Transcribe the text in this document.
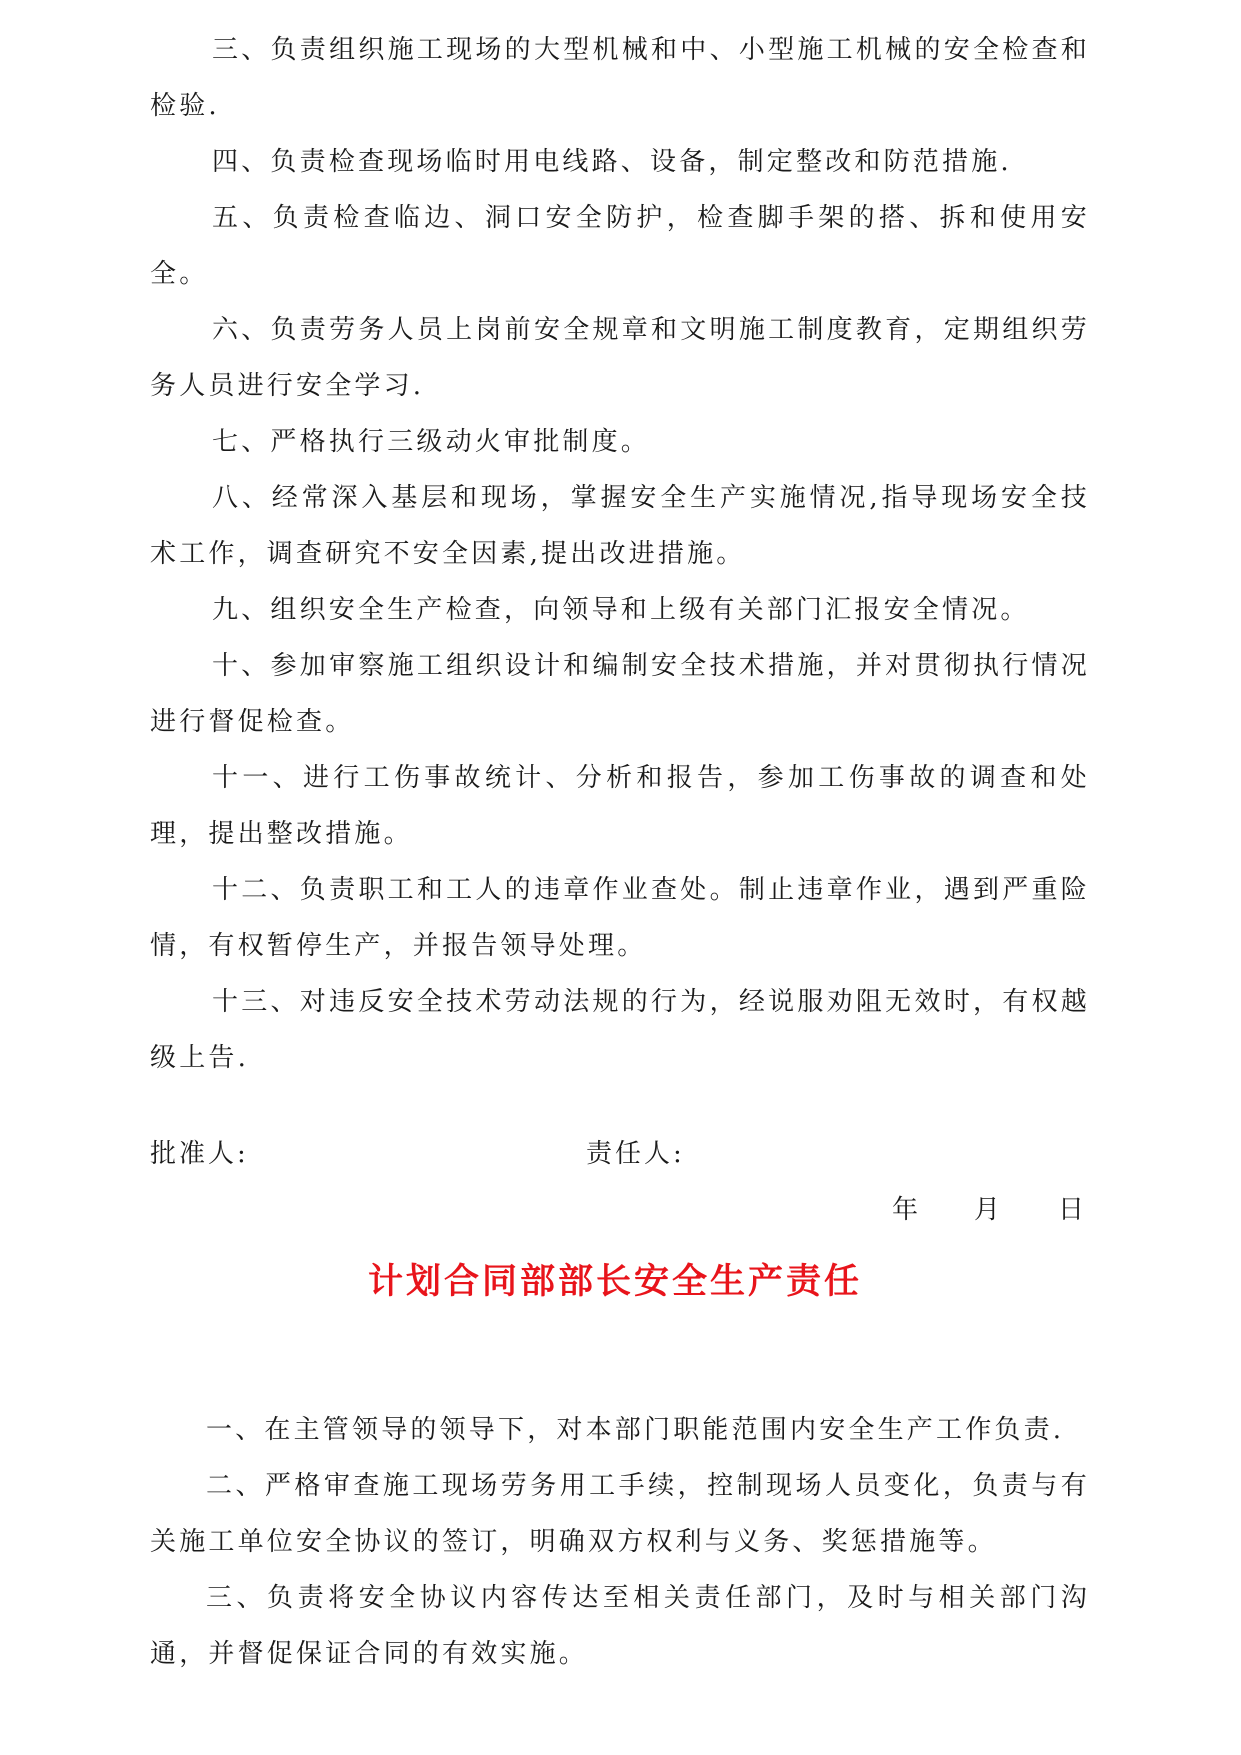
三、负责组织施工现场的大型机械和中、小型施工机械的安全检查和检验.

四、负责检查现场临时用电线路、设备，制定整改和防范措施.

五、负责检查临边、洞口安全防护，检查脚手架的搭、拆和使用安全。

六、负责劳务人员上岗前安全规章和文明施工制度教育，定期组织劳务人员进行安全学习.

七、严格执行三级动火审批制度。

八、经常深入基层和现场，掌握安全生产实施情况,指导现场安全技术工作，调查研究不安全因素,提出改进措施。

九、组织安全生产检查，向领导和上级有关部门汇报安全情况。

十、参加审察施工组织设计和编制安全技术措施，并对贯彻执行情况进行督促检查。

十一、进行工伤事故统计、分析和报告，参加工伤事故的调查和处理，提出整改措施。

十二、负责职工和工人的违章作业查处。制止违章作业，遇到严重险情，有权暂停生产，并报告领导处理。

十三、对违反安全技术劳动法规的行为，经说服劝阻无效时，有权越级上告.

批准人:	责任人:
年 月 日
计划合同部部长安全生产责任

一、在主管领导的领导下，对本部门职能范围内安全生产工作负责.

二、严格审查施工现场劳务用工手续，控制现场人员变化，负责与有关施工单位安全协议的签订，明确双方权利与义务、奖惩措施等。

三、负责将安全协议内容传达至相关责任部门，及时与相关部门沟通，并督促保证合同的有效实施。
